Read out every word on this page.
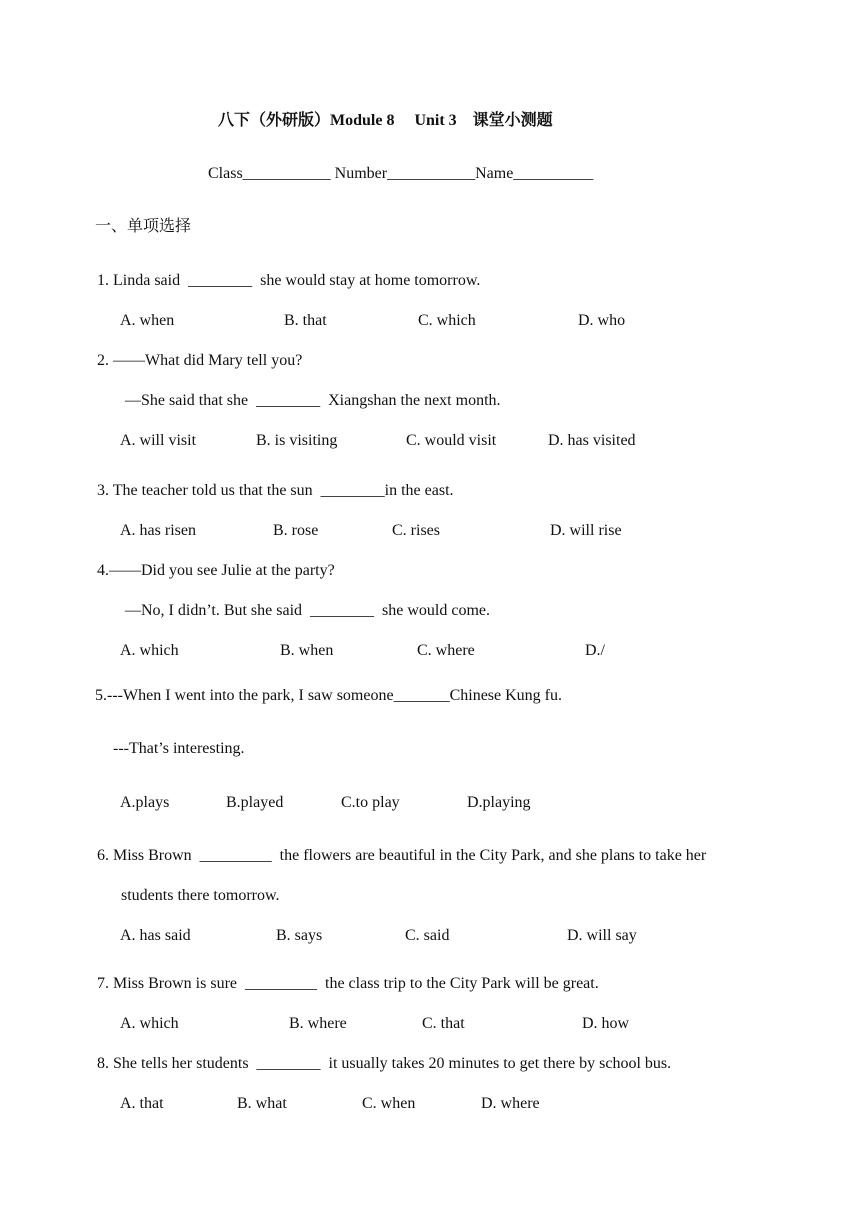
八下（外研版）Module 8     Unit 3    课堂小测题
Class___________ Number___________Name__________
一、单项选择
1. Linda said  ________  she would stay at home tomorrow.
A. when	B. that	C. which	D. who
2. ——What did Mary tell you?
—She said that she  ________  Xiangshan the next month.
A. will visit	B. is visiting	C. would visit	D. has visited
3. The teacher told us that the sun  ________in the east.
A. has risen	B. rose	C. rises	D. will rise
4.——Did you see Julie at the party?
—No, I didn’t. But she said  ________  she would come.
A. which	B. when	C. where	D./
5.---When I went into the park, I saw someone_______Chinese Kung fu.
---That’s interesting.
A.plays	B.played	C.to play	D.playing
6. Miss Brown  _________  the flowers are beautiful in the City Park, and she plans to take her
students there tomorrow.
A. has said	B. says	C. said	D. will say
7. Miss Brown is sure  _________  the class trip to the City Park will be great.
A. which	B. where	C. that	D. how
8. She tells her students  ________  it usually takes 20 minutes to get there by school bus.
A. that	B. what	C. when	D. where
